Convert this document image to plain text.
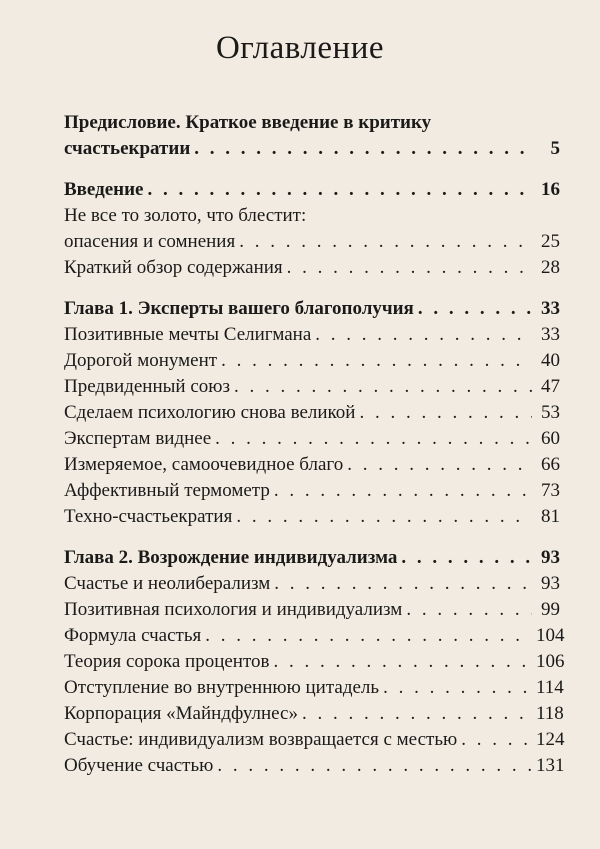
Оглавление
Предисловие. Краткое введение в критику
счастьекратии . . .	5
Введение . . .	16
Не все то золото, что блестит:
опасения и сомнения . . .	25
Краткий обзор содержания . . .	28
Глава 1. Эксперты вашего благополучия . . .	33
Позитивные мечты Селигмана . . .	33
Дорогой монумент . . .	40
Предвиденный союз . . .	47
Сделаем психологию снова великой . . .	53
Экспертам виднее . . .	60
Измеряемое, самоочевидное благо . . .	66
Аффективный термометр . . .	73
Техно-счастьекратия . . .	81
Глава 2. Возрождение индивидуализма . . .	93
Счастье и неолиберализм . . .	93
Позитивная психология и индивидуализм . . .	99
Формула счастья . . .	104
Теория сорока процентов . . .	106
Отступление во внутреннюю цитадель . . .	114
Корпорация «Майндфулнес» . . .	118
Счастье: индивидуализм возвращается с местью . . .	124
Обучение счастью . . .	131
